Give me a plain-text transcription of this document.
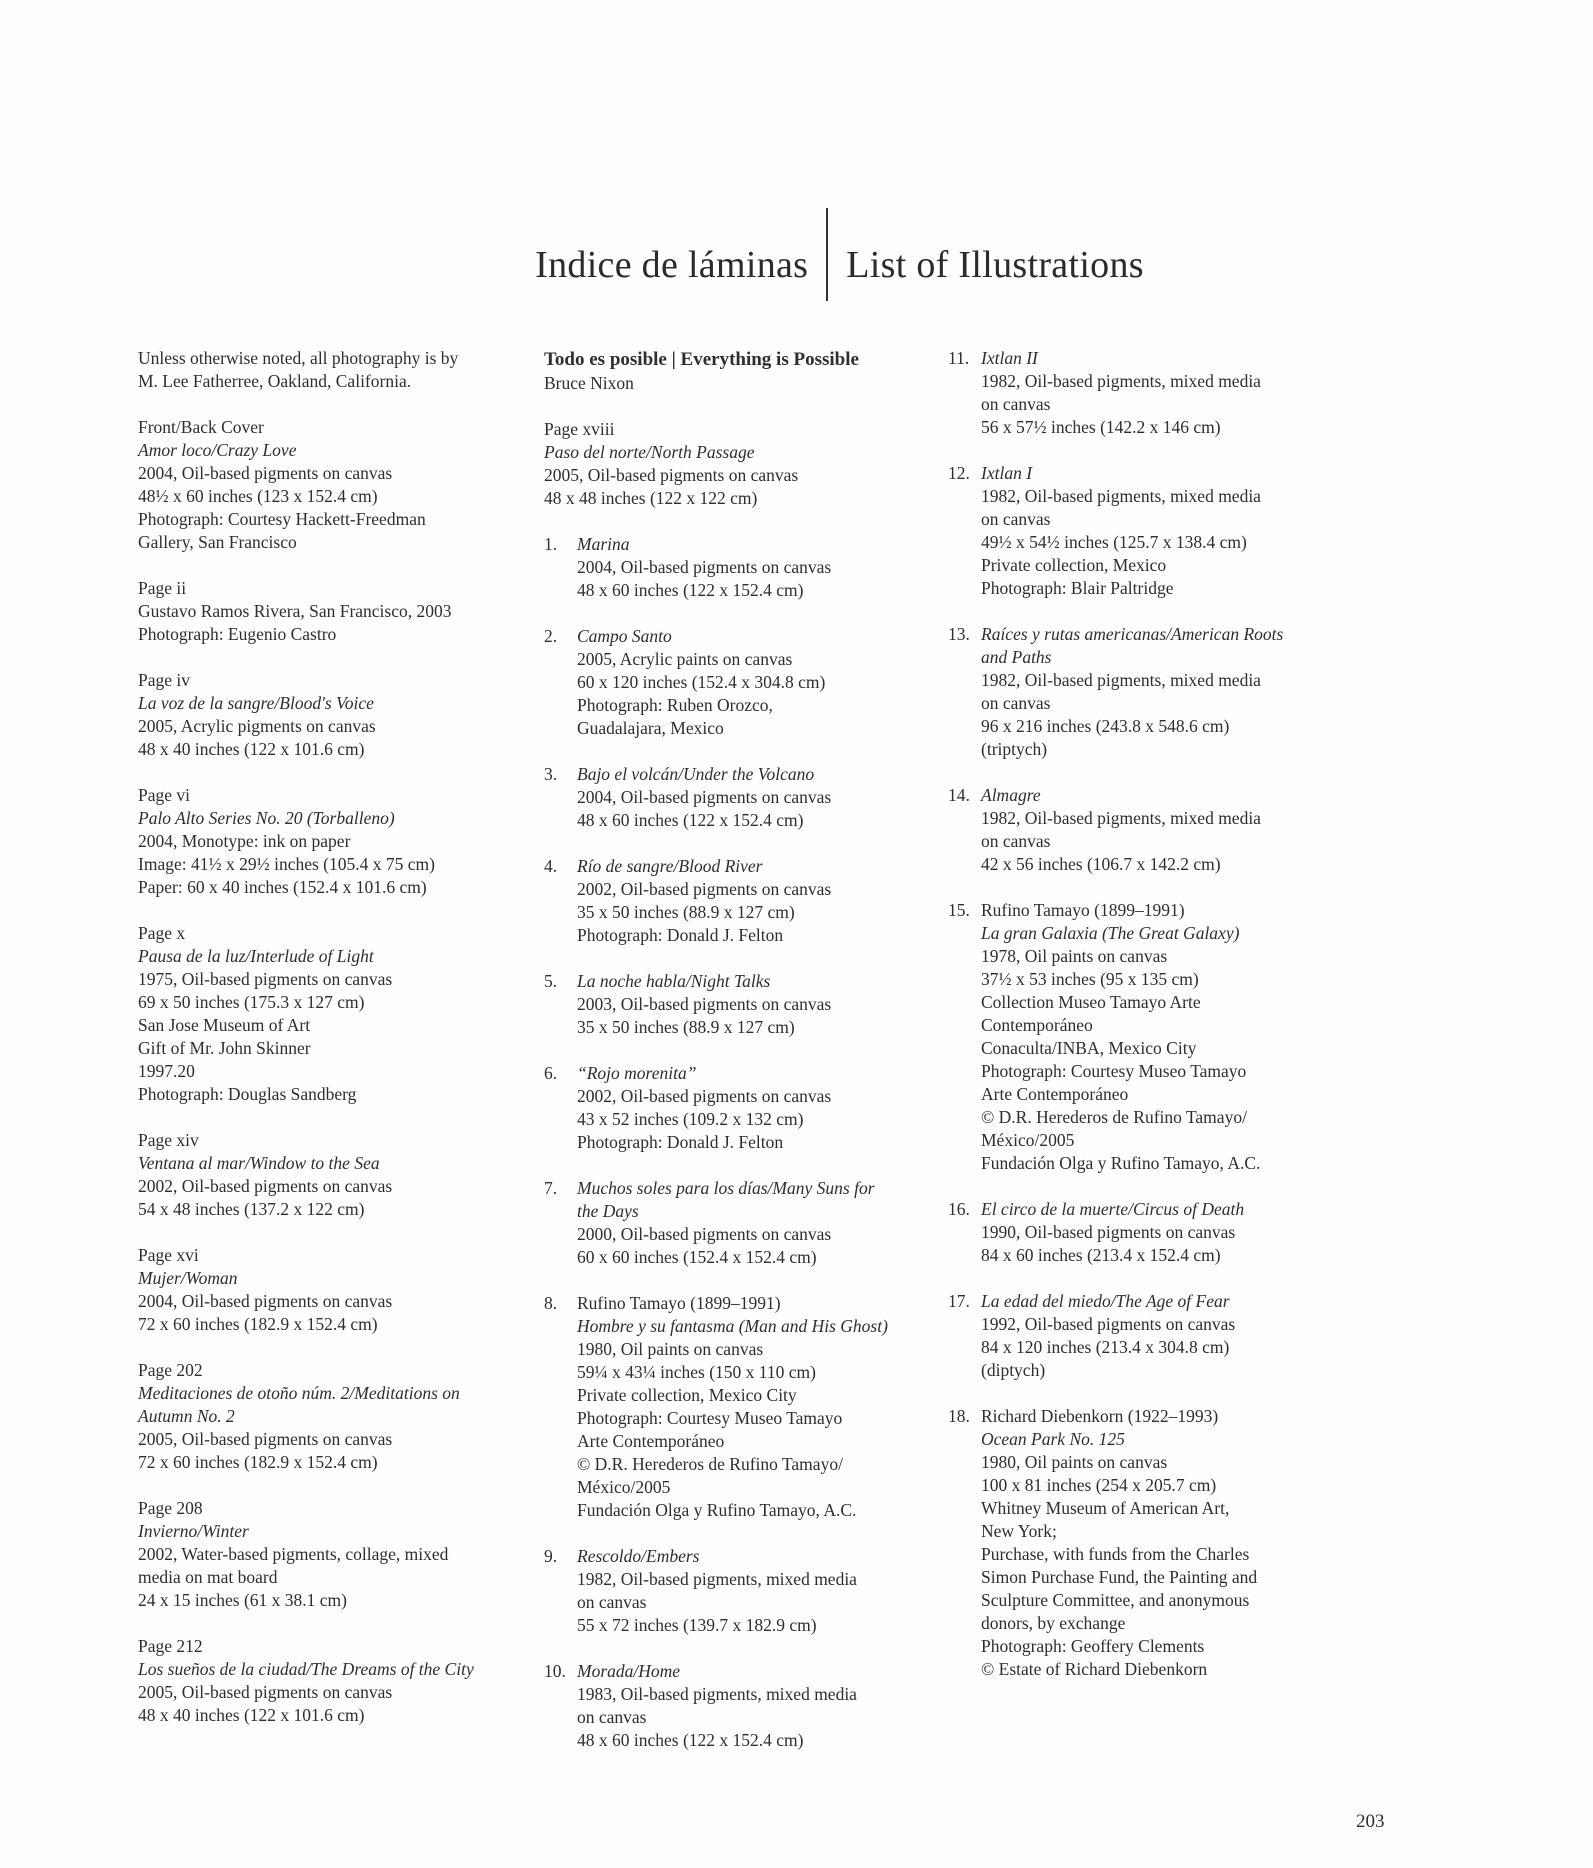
Indice de láminas	List of Illustrations
Unless otherwise noted, all photography is by
M. Lee Fatherree, Oakland, California.
Front/Back Cover
Amor loco/Crazy Love
2004, Oil-based pigments on canvas
48½ x 60 inches (123 x 152.4 cm)
Photograph: Courtesy Hackett-Freedman
Gallery, San Francisco
Page ii
Gustavo Ramos Rivera, San Francisco, 2003
Photograph: Eugenio Castro
Page iv
La voz de la sangre/Blood's Voice
2005, Acrylic pigments on canvas
48 x 40 inches (122 x 101.6 cm)
Page vi
Palo Alto Series No. 20 (Torballeno)
2004, Monotype: ink on paper
Image: 41½ x 29½ inches (105.4 x 75 cm)
Paper: 60 x 40 inches (152.4 x 101.6 cm)
Page x
Pausa de la luz/Interlude of Light
1975, Oil-based pigments on canvas
69 x 50 inches (175.3 x 127 cm)
San Jose Museum of Art
Gift of Mr. John Skinner
1997.20
Photograph: Douglas Sandberg
Page xiv
Ventana al mar/Window to the Sea
2002, Oil-based pigments on canvas
54 x 48 inches (137.2 x 122 cm)
Page xvi
Mujer/Woman
2004, Oil-based pigments on canvas
72 x 60 inches (182.9 x 152.4 cm)
Page 202
Meditaciones de otoño núm. 2/Meditations on
Autumn No. 2
2005, Oil-based pigments on canvas
72 x 60 inches (182.9 x 152.4 cm)
Page 208
Invierno/Winter
2002, Water-based pigments, collage, mixed
media on mat board
24 x 15 inches (61 x 38.1 cm)
Page 212
Los sueños de la ciudad/The Dreams of the City
2005, Oil-based pigments on canvas
48 x 40 inches (122 x 101.6 cm)
Todo es posible | Everything is Possible
Bruce Nixon
Page xviii
Paso del norte/North Passage
2005, Oil-based pigments on canvas
48 x 48 inches (122 x 122 cm)
1.	Marina
2004, Oil-based pigments on canvas
48 x 60 inches (122 x 152.4 cm)
2.	Campo Santo
2005, Acrylic paints on canvas
60 x 120 inches (152.4 x 304.8 cm)
Photograph: Ruben Orozco,
Guadalajara, Mexico
3.	Bajo el volcán/Under the Volcano
2004, Oil-based pigments on canvas
48 x 60 inches (122 x 152.4 cm)
4.	Río de sangre/Blood River
2002, Oil-based pigments on canvas
35 x 50 inches (88.9 x 127 cm)
Photograph: Donald J. Felton
5.	La noche habla/Night Talks
2003, Oil-based pigments on canvas
35 x 50 inches (88.9 x 127 cm)
6.	“Rojo morenita”
2002, Oil-based pigments on canvas
43 x 52 inches (109.2 x 132 cm)
Photograph: Donald J. Felton
7.	Muchos soles para los días/Many Suns for
the Days
2000, Oil-based pigments on canvas
60 x 60 inches (152.4 x 152.4 cm)
8.	Rufino Tamayo (1899–1991)
Hombre y su fantasma (Man and His Ghost)
1980, Oil paints on canvas
59¼ x 43¼ inches (150 x 110 cm)
Private collection, Mexico City
Photograph: Courtesy Museo Tamayo
Arte Contemporáneo
© D.R. Herederos de Rufino Tamayo/
México/2005
Fundación Olga y Rufino Tamayo, A.C.
9.	Rescoldo/Embers
1982, Oil-based pigments, mixed media
on canvas
55 x 72 inches (139.7 x 182.9 cm)
10. Morada/Home
1983, Oil-based pigments, mixed media
on canvas
48 x 60 inches (122 x 152.4 cm)
11. Ixtlan II
1982, Oil-based pigments, mixed media
on canvas
56 x 57½ inches (142.2 x 146 cm)
12. Ixtlan I
1982, Oil-based pigments, mixed media
on canvas
49½ x 54½ inches (125.7 x 138.4 cm)
Private collection, Mexico
Photograph: Blair Paltridge
13. Raíces y rutas americanas/American Roots
and Paths
1982, Oil-based pigments, mixed media
on canvas
96 x 216 inches (243.8 x 548.6 cm)
(triptych)
14. Almagre
1982, Oil-based pigments, mixed media
on canvas
42 x 56 inches (106.7 x 142.2 cm)
15. Rufino Tamayo (1899–1991)
La gran Galaxia (The Great Galaxy)
1978, Oil paints on canvas
37½ x 53 inches (95 x 135 cm)
Collection Museo Tamayo Arte
Contemporáneo
Conaculta/INBA, Mexico City
Photograph: Courtesy Museo Tamayo
Arte Contemporáneo
© D.R. Herederos de Rufino Tamayo/
México/2005
Fundación Olga y Rufino Tamayo, A.C.
16. El circo de la muerte/Circus of Death
1990, Oil-based pigments on canvas
84 x 60 inches (213.4 x 152.4 cm)
17. La edad del miedo/The Age of Fear
1992, Oil-based pigments on canvas
84 x 120 inches (213.4 x 304.8 cm)
(diptych)
18. Richard Diebenkorn (1922–1993)
Ocean Park No. 125
1980, Oil paints on canvas
100 x 81 inches (254 x 205.7 cm)
Whitney Museum of American Art,
New York;
Purchase, with funds from the Charles
Simon Purchase Fund, the Painting and
Sculpture Committee, and anonymous
donors, by exchange
Photograph: Geoffery Clements
© Estate of Richard Diebenkorn
203
